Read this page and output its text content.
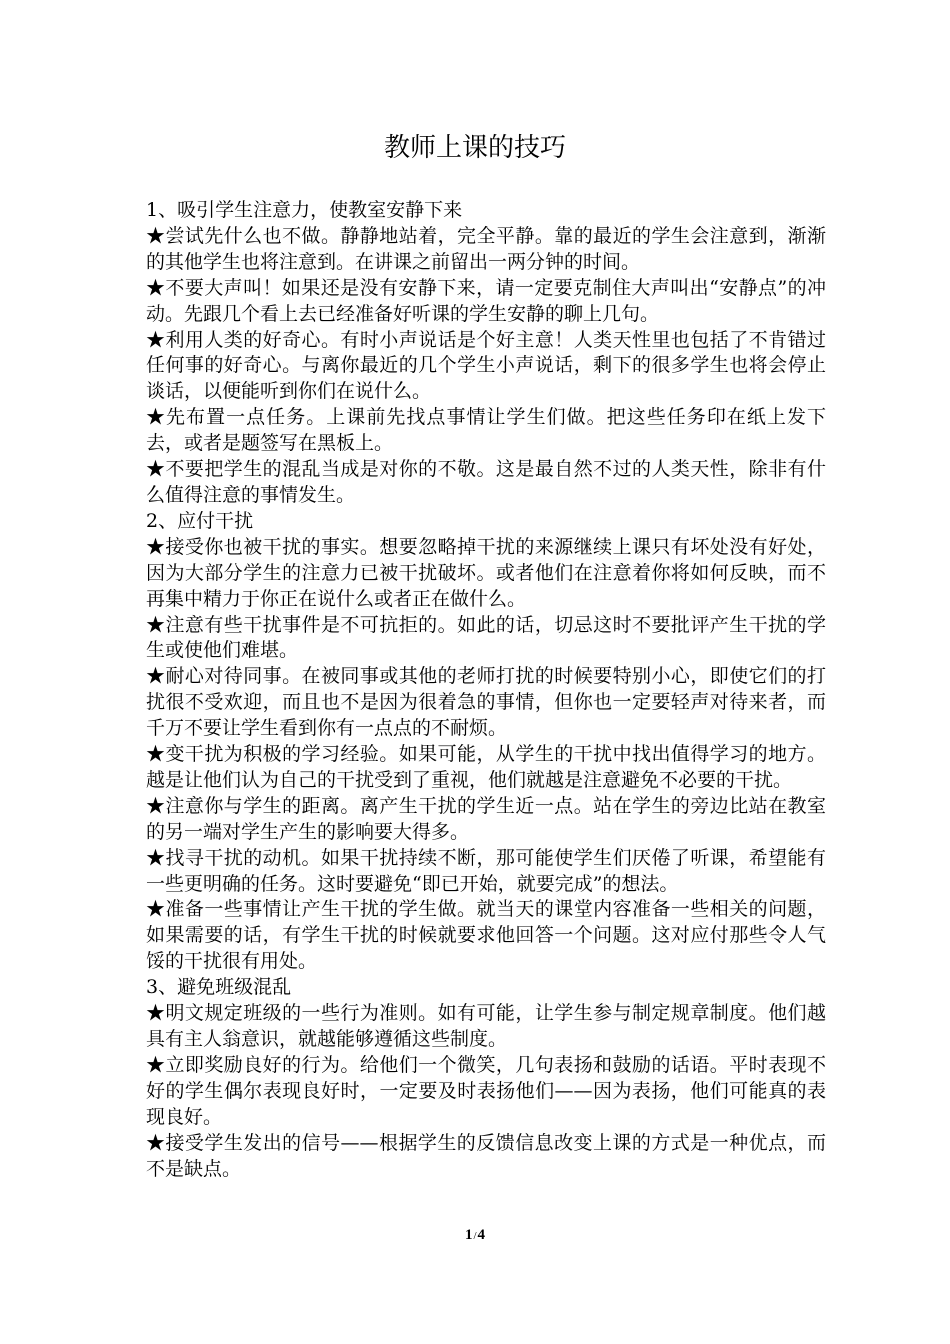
教师上课的技巧

1、吸引学生注意力，使教室安静下来

★尝试先什么也不做。静静地站着，完全平静。靠的最近的学生会注意到，渐渐的其他学生也将注意到。在讲课之前留出一两分钟的时间。

★不要大声叫！如果还是没有安静下来，请一定要克制住大声叫出“安静点”的冲动。先跟几个看上去已经准备好听课的学生安静的聊上几句。

★利用人类的好奇心。有时小声说话是个好主意！人类天性里也包括了不肯错过任何事的好奇心。与离你最近的几个学生小声说话，剩下的很多学生也将会停止谈话，以便能听到你们在说什么。

★先布置一点任务。上课前先找点事情让学生们做。把这些任务印在纸上发下去，或者是题签写在黑板上。

★不要把学生的混乱当成是对你的不敬。这是最自然不过的人类天性，除非有什么值得注意的事情发生。

2、应付干扰

★接受你也被干扰的事实。想要忽略掉干扰的来源继续上课只有坏处没有好处，因为大部分学生的注意力已被干扰破坏。或者他们在注意着你将如何反映，而不再集中精力于你正在说什么或者正在做什么。

★注意有些干扰事件是不可抗拒的。如此的话，切忌这时不要批评产生干扰的学生或使他们难堪。

★耐心对待同事。在被同事或其他的老师打扰的时候要特别小心，即使它们的打扰很不受欢迎，而且也不是因为很着急的事情，但你也一定要轻声对待来者，而千万不要让学生看到你有一点点的不耐烦。

★变干扰为积极的学习经验。如果可能，从学生的干扰中找出值得学习的地方。越是让他们认为自己的干扰受到了重视，他们就越是注意避免不必要的干扰。

★注意你与学生的距离。离产生干扰的学生近一点。站在学生的旁边比站在教室的另一端对学生产生的影响要大得多。

★找寻干扰的动机。如果干扰持续不断，那可能使学生们厌倦了听课，希望能有一些更明确的任务。这时要避免“即已开始，就要完成”的想法。

★准备一些事情让产生干扰的学生做。就当天的课堂内容准备一些相关的问题，如果需要的话，有学生干扰的时候就要求他回答一个问题。这对应付那些令人气馁的干扰很有用处。

3、避免班级混乱

★明文规定班级的一些行为准则。如有可能，让学生参与制定规章制度。他们越具有主人翁意识，就越能够遵循这些制度。

★立即奖励良好的行为。给他们一个微笑，几句表扬和鼓励的话语。平时表现不好的学生偶尔表现良好时，一定要及时表扬他们——因为表扬，他们可能真的表现良好。

★接受学生发出的信号——根据学生的反馈信息改变上课的方式是一种优点，而不是缺点。

1/4
